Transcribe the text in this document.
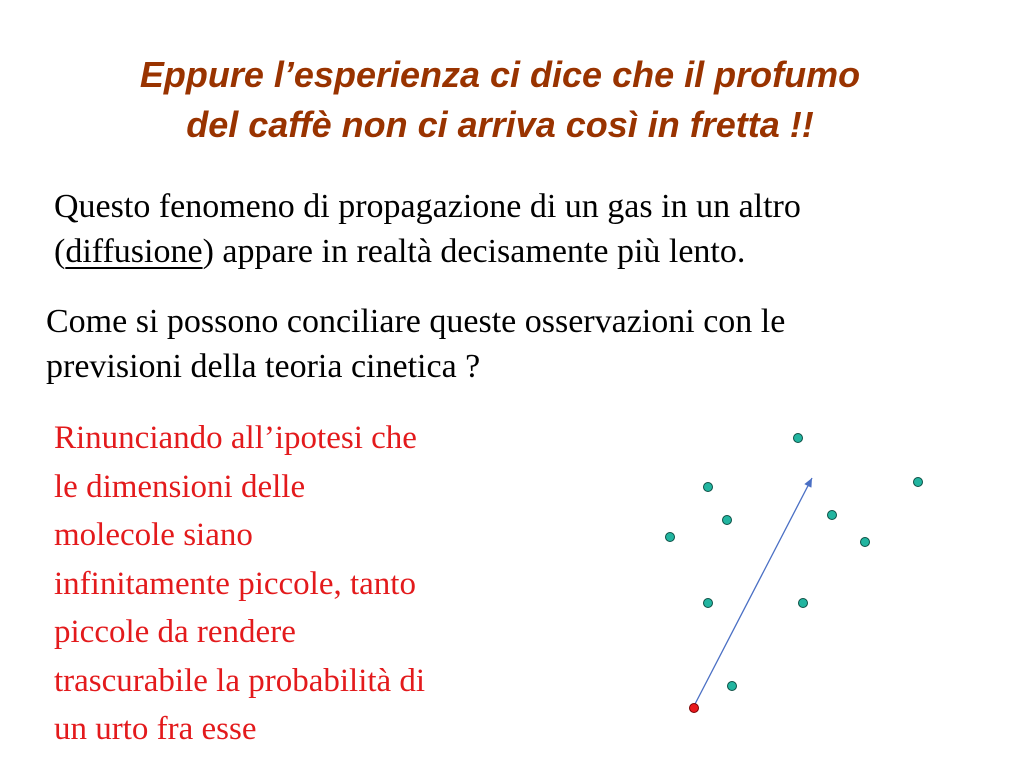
Eppure l’esperienza ci dice che il profumo
del caffè non ci arriva così in fretta !!
Questo fenomeno di propagazione di un gas in un altro
(diffusione) appare in realtà decisamente più lento.
Come si possono conciliare queste osservazioni con le
previsioni della teoria cinetica ?
Rinunciando all’ipotesi che
le dimensioni delle
molecole siano
infinitamente piccole, tanto
piccole da rendere
trascurabile la probabilità di
un urto fra esse
